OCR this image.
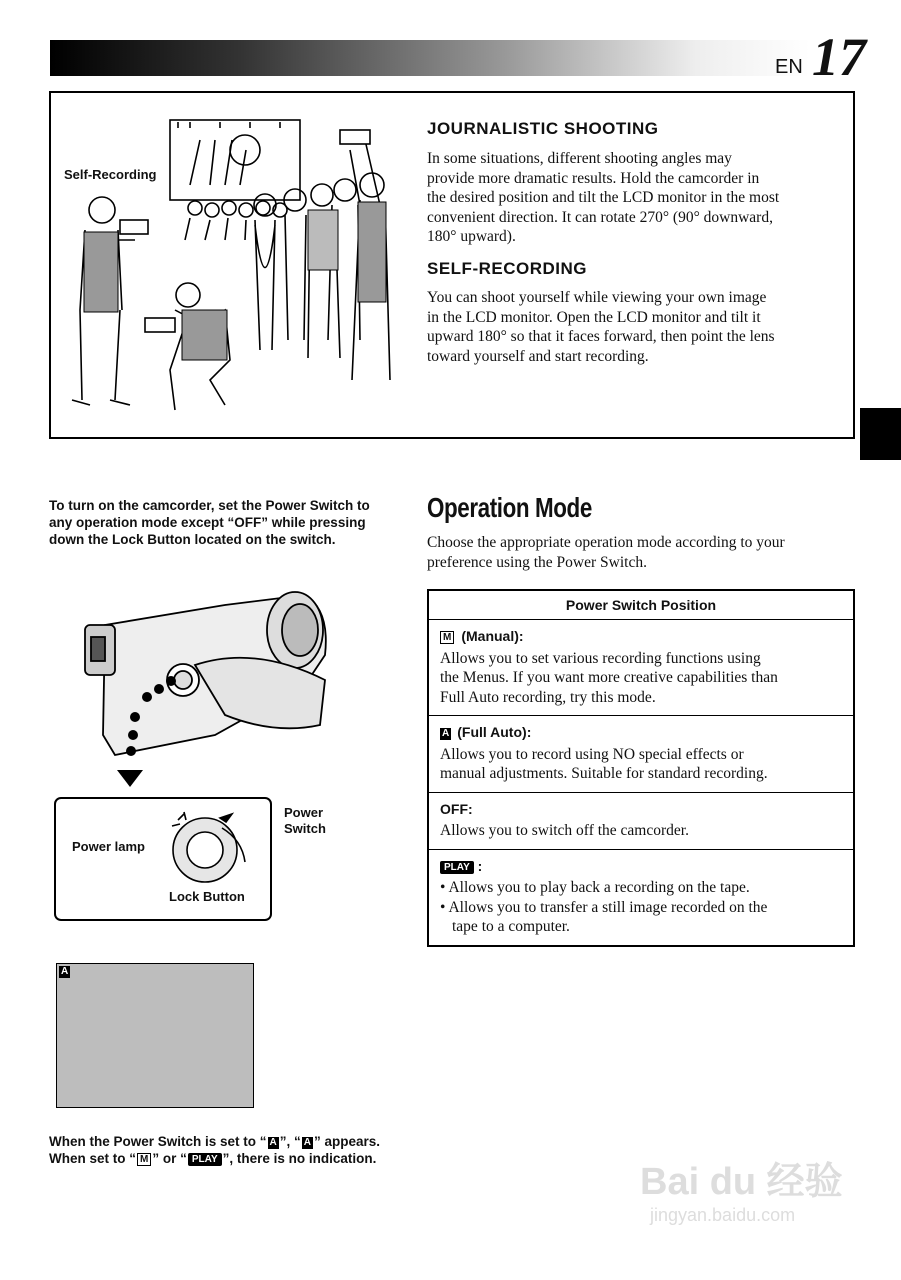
EN 17
Self-Recording
JOURNALISTIC SHOOTING
In some situations, different shooting angles may
provide more dramatic results. Hold the camcorder in
the desired position and tilt the LCD monitor in the most
convenient direction. It can rotate 270° (90° downward,
180° upward).
SELF-RECORDING
You can shoot yourself while viewing your own image
in the LCD monitor. Open the LCD monitor and tilt it
upward 180° so that it faces forward, then point the lens
toward yourself and start recording.
To turn on the camcorder, set the Power Switch to any operation mode except “OFF” while pressing down the Lock Button located on the switch.
Power
Switch
Power lamp
Lock Button
A
When the Power Switch is set to “ A ”, “ A ” appears. When set to “ M ” or “ PLAY ”, there is no indication.
Operation Mode
Choose the appropriate operation mode according to your
preference using the Power Switch.
Power Switch Position
M (Manual):
Allows you to set various recording functions using
the Menus. If you want more creative capabilities than
Full Auto recording, try this mode.
A (Full Auto):
Allows you to record using NO special effects or
manual adjustments. Suitable for standard recording.
OFF:
Allows you to switch off the camcorder.
PLAY :
• Allows you to play back a recording on the tape.
• Allows you to transfer a still image recorded on the
tape to a computer.
Bai du 经验
jingyan.baidu.com
